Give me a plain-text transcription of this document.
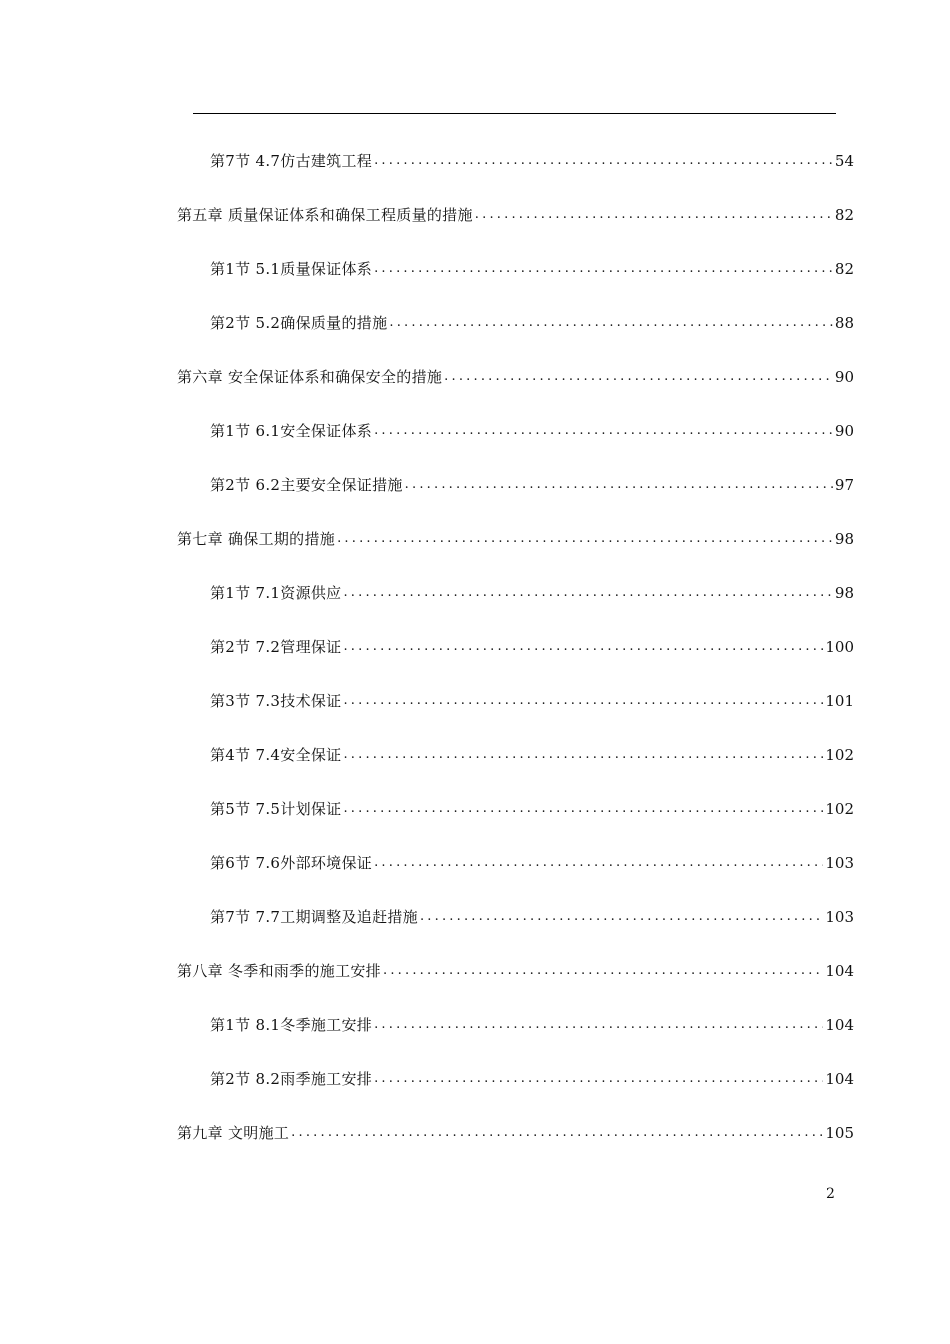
第7节 4.7仿古建筑工程 .....	54
第五章 质量保证体系和确保工程质量的措施 .....	82
第1节 5.1质量保证体系 .....	82
第2节 5.2确保质量的措施 .....	88
第六章 安全保证体系和确保安全的措施 .....	90
第1节 6.1安全保证体系 .....	90
第2节 6.2主要安全保证措施 .....	97
第七章 确保工期的措施 .....	98
第1节 7.1资源供应 .....	98
第2节 7.2管理保证 .....	100
第3节 7.3技术保证 .....	101
第4节 7.4安全保证 .....	102
第5节 7.5计划保证 .....	102
第6节 7.6外部环境保证 .....	103
第7节 7.7工期调整及追赶措施 .....	103
第八章 冬季和雨季的施工安排 .....	104
第1节 8.1冬季施工安排 .....	104
第2节 8.2雨季施工安排 .....	104
第九章 文明施工 .....	105
2
